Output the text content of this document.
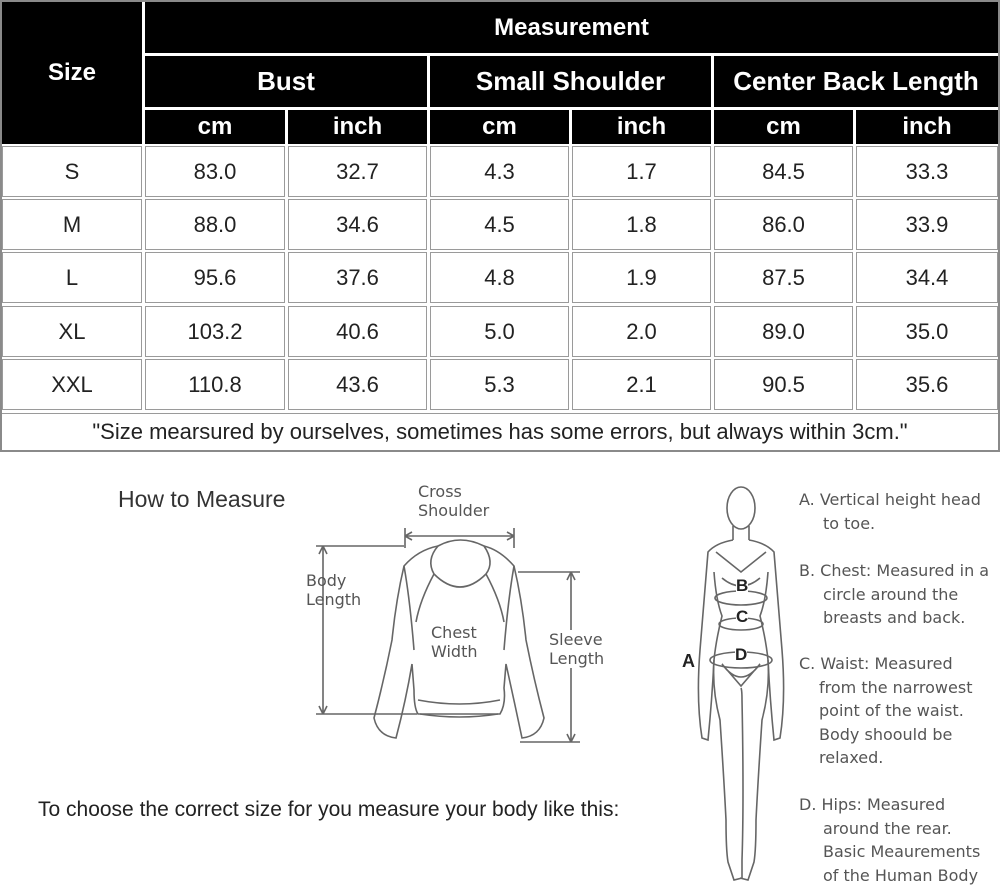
Size
Measurement
Bust	Small Shoulder	Center Back Length
cm	inch	cm	inch	cm	inch
S	83.0	32.7	4.3	1.7	84.5	33.3
M	88.0	34.6	4.5	1.8	86.0	33.9
L	95.6	37.6	4.8	1.9	87.5	34.4
XL	103.2	40.6	5.0	2.0	89.0	35.0
XXL	110.8	43.6	5.3	2.1	90.5	35.6
"Size mearsured by ourselves, sometimes has some errors, but always within 3cm."
How to Measure	Cross
Shoulder
Body
Length
Chest
Width
Sleeve
Length
To choose the correct size for you measure your body like this:
A
B
C
D

A. Vertical height head

to toe.

B. Chest: Measured in a

circle around the

breasts and back.

C. Waist: Measured

from the narrowest

point of the waist.

Body shoould be

relaxed.

D. Hips: Measured

around the rear.

Basic Meaurements

of the Human Body
